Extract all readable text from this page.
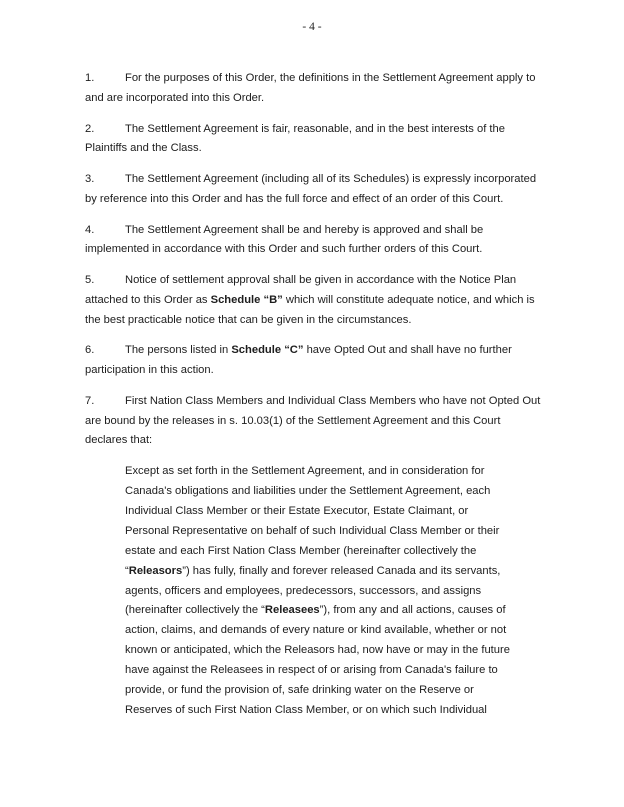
- 4 -
1.	For the purposes of this Order, the definitions in the Settlement Agreement apply to
and are incorporated into this Order.
2.	The Settlement Agreement is fair, reasonable, and in the best interests of the
Plaintiffs and the Class.
3.	The Settlement Agreement (including all of its Schedules) is expressly incorporated
by reference into this Order and has the full force and effect of an order of this Court.
4.	The Settlement Agreement shall be and hereby is approved and shall be
implemented in accordance with this Order and such further orders of this Court.
5.	Notice of settlement approval shall be given in accordance with the Notice Plan
attached to this Order as Schedule “B” which will constitute adequate notice, and which is
the best practicable notice that can be given in the circumstances.
6.	The persons listed in Schedule “C” have Opted Out and shall have no further
participation in this action.
7.	First Nation Class Members and Individual Class Members who have not Opted Out
are bound by the releases in s. 10.03(1) of the Settlement Agreement and this Court
declares that:
Except as set forth in the Settlement Agreement, and in consideration for
Canada's obligations and liabilities under the Settlement Agreement, each
Individual Class Member or their Estate Executor, Estate Claimant, or
Personal Representative on behalf of such Individual Class Member or their
estate and each First Nation Class Member (hereinafter collectively the
“Releasors”) has fully, finally and forever released Canada and its servants,
agents, officers and employees, predecessors, successors, and assigns
(hereinafter collectively the “Releasees”), from any and all actions, causes of
action, claims, and demands of every nature or kind available, whether or not
known or anticipated, which the Releasors had, now have or may in the future
have against the Releasees in respect of or arising from Canada's failure to
provide, or fund the provision of, safe drinking water on the Reserve or
Reserves of such First Nation Class Member, or on which such Individual
